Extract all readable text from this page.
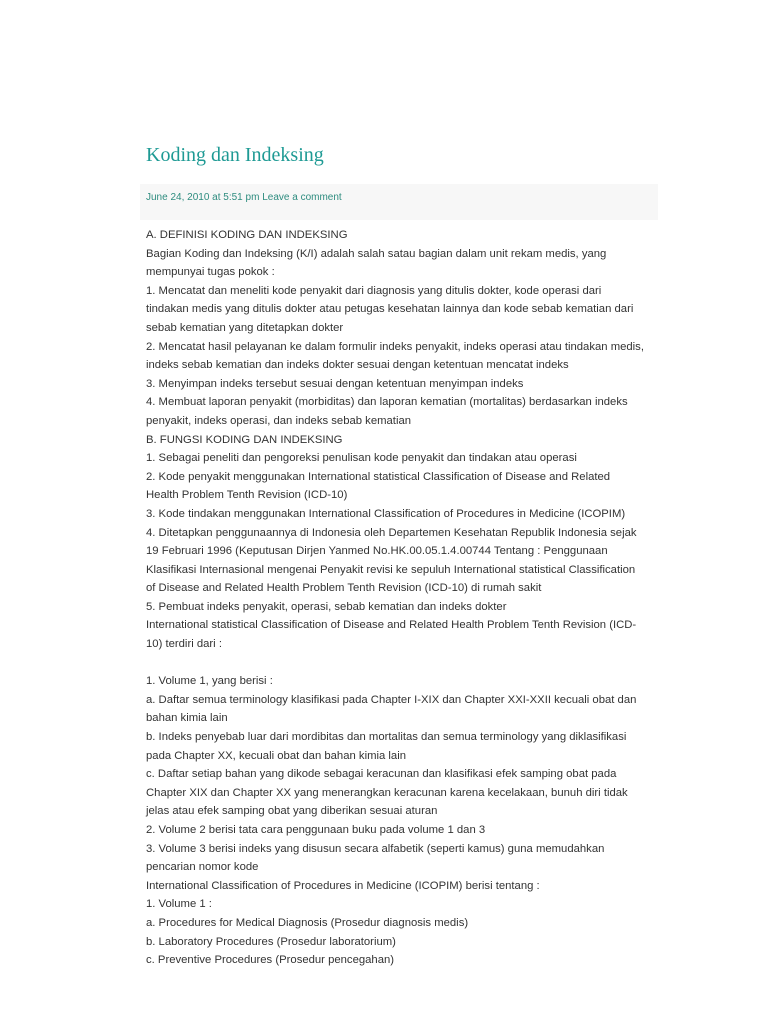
Koding dan Indeksing
June 24, 2010 at 5:51 pm Leave a comment
A. DEFINISI KODING DAN INDEKSING
Bagian Koding dan Indeksing (K/I) adalah salah satau bagian dalam unit rekam medis, yang
mempunyai tugas pokok :
1. Mencatat dan meneliti kode penyakit dari diagnosis yang ditulis dokter, kode operasi dari
tindakan medis yang ditulis dokter atau petugas kesehatan lainnya dan kode sebab kematian dari
sebab kematian yang ditetapkan dokter
2. Mencatat hasil pelayanan ke dalam formulir indeks penyakit, indeks operasi atau tindakan medis,
indeks sebab kematian dan indeks dokter sesuai dengan ketentuan mencatat indeks
3. Menyimpan indeks tersebut sesuai dengan ketentuan menyimpan indeks
4. Membuat laporan penyakit (morbiditas) dan laporan kematian (mortalitas) berdasarkan indeks
penyakit, indeks operasi, dan indeks sebab kematian
B. FUNGSI KODING DAN INDEKSING
1. Sebagai peneliti dan pengoreksi penulisan kode penyakit dan tindakan atau operasi
2. Kode penyakit menggunakan International statistical Classification of Disease and Related
Health Problem Tenth Revision (ICD-10)
3. Kode tindakan menggunakan International Classification of Procedures in Medicine (ICOPIM)
4. Ditetapkan penggunaannya di Indonesia oleh Departemen Kesehatan Republik Indonesia sejak
19 Februari 1996 (Keputusan Dirjen Yanmed No.HK.00.05.1.4.00744 Tentang : Penggunaan
Klasifikasi Internasional mengenai Penyakit revisi ke sepuluh International statistical Classification
of Disease and Related Health Problem Tenth Revision (ICD-10) di rumah sakit
5. Pembuat indeks penyakit, operasi, sebab kematian dan indeks dokter
International statistical Classification of Disease and Related Health Problem Tenth Revision (ICD-
10) terdiri dari :
1. Volume 1, yang berisi :
a. Daftar semua terminology klasifikasi pada Chapter I-XIX dan Chapter XXI-XXII kecuali obat dan
bahan kimia lain
b. Indeks penyebab luar dari mordibitas dan mortalitas dan semua terminology yang diklasifikasi
pada Chapter XX, kecuali obat dan bahan kimia lain
c. Daftar setiap bahan yang dikode sebagai keracunan dan klasifikasi efek samping obat pada
Chapter XIX dan Chapter XX yang menerangkan keracunan karena kecelakaan, bunuh diri tidak
jelas atau efek samping obat yang diberikan sesuai aturan
2. Volume 2 berisi tata cara penggunaan buku pada volume 1 dan 3
3. Volume 3 berisi indeks yang disusun secara alfabetik (seperti kamus) guna memudahkan
pencarian nomor kode
International Classification of Procedures in Medicine (ICOPIM) berisi tentang :
1. Volume 1 :
a. Procedures for Medical Diagnosis (Prosedur diagnosis medis)
b. Laboratory Procedures (Prosedur laboratorium)
c. Preventive Procedures (Prosedur pencegahan)
